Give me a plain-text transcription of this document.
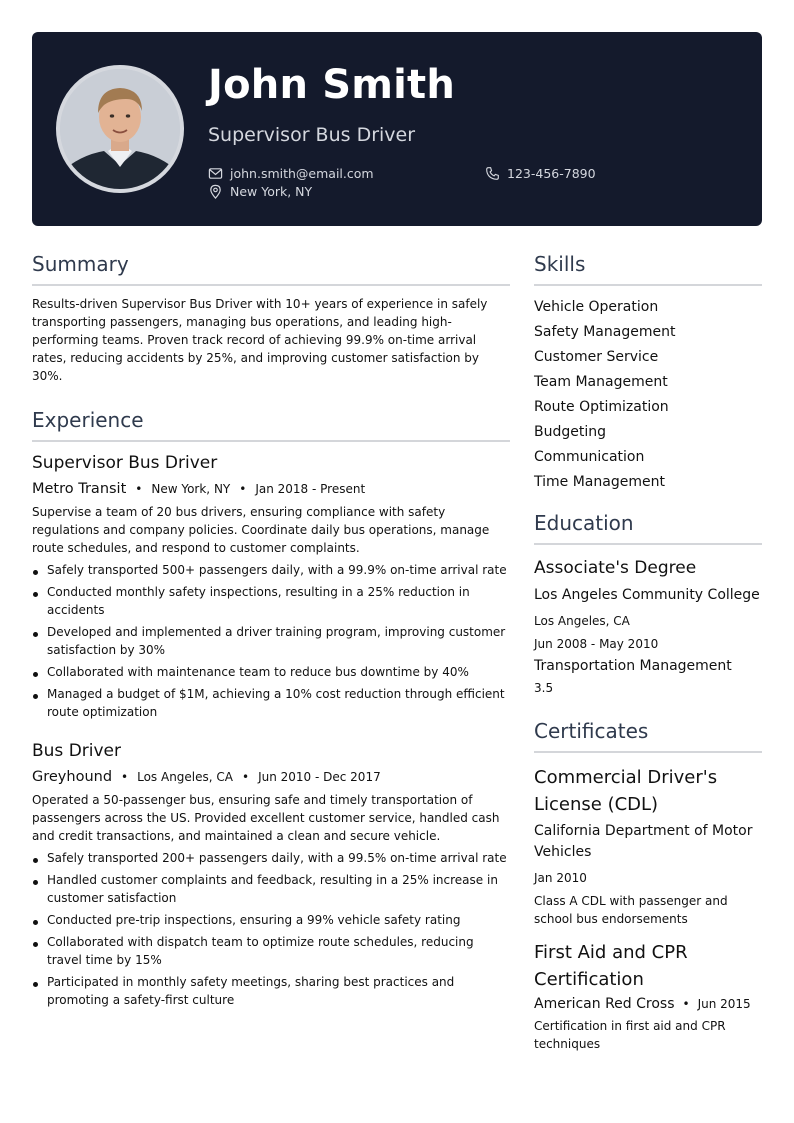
John Smith
Supervisor Bus Driver
john.smith@email.com	123-456-7890
New York, NY
Summary

Results-driven Supervisor Bus Driver with 10+ years of experience in safely transporting passengers, managing bus operations, and leading high-performing teams. Proven track record of achieving 99.9% on-time arrival rates, reducing accidents by 25%, and improving customer satisfaction by 30%.

Experience
Supervisor Bus Driver
Metro Transit • New York, NY • Jan 2018 - Present

Supervise a team of 20 bus drivers, ensuring compliance with safety regulations and company policies. Coordinate daily bus operations, manage route schedules, and respond to customer complaints.

Safely transported 500+ passengers daily, with a 99.9% on-time arrival rate
Conducted monthly safety inspections, resulting in a 25% reduction in accidents
Developed and implemented a driver training program, improving customer satisfaction by 30%
Collaborated with maintenance team to reduce bus downtime by 40%
Managed a budget of $1M, achieving a 10% cost reduction through efficient route optimization
Bus Driver
Greyhound • Los Angeles, CA • Jun 2010 - Dec 2017

Operated a 50-passenger bus, ensuring safe and timely transportation of passengers across the US. Provided excellent customer service, handled cash and credit transactions, and maintained a clean and secure vehicle.

Safely transported 200+ passengers daily, with a 99.5% on-time arrival rate
Handled customer complaints and feedback, resulting in a 25% increase in customer satisfaction
Conducted pre-trip inspections, ensuring a 99% vehicle safety rating
Collaborated with dispatch team to optimize route schedules, reducing travel time by 15%
Participated in monthly safety meetings, sharing best practices and promoting a safety-first culture
Skills
Vehicle Operation
Safety Management
Customer Service
Team Management
Route Optimization
Budgeting
Communication
Time Management
Education
Associate's Degree
Los Angeles Community College
Los Angeles, CA
Jun 2008 - May 2010
Transportation Management
3.5
Certificates
Commercial Driver's License (CDL)
California Department of Motor Vehicles
Jan 2010
Class A CDL with passenger and school bus endorsements
First Aid and CPR Certification
American Red Cross • Jun 2015
Certification in first aid and CPR techniques
